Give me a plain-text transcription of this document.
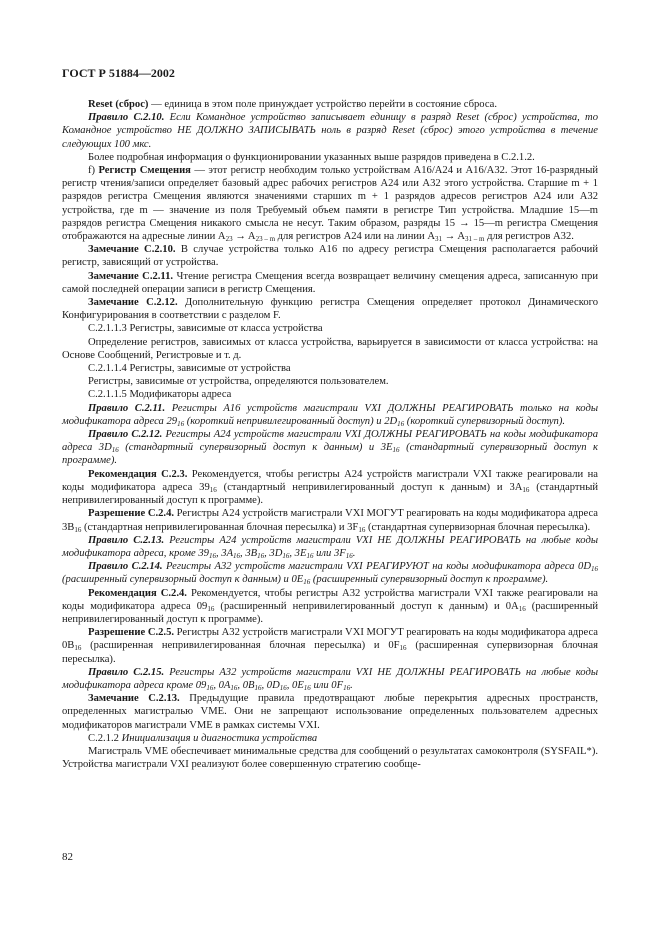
ГОСТ Р 51884—2002

Reset (сброс) — единица в этом поле принуждает устройство перейти в состояние сброса.

Правило С.2.10. Если Командное устройство записывает единицу в разряд Reset (сброс) устройства, то Командное устройство НЕ ДОЛЖНО ЗАПИСЫВАТЬ ноль в разряд Reset (сброс) этого устройства в течение следующих 100 мкс.

Более подробная информация о функционировании указанных выше разрядов приведена в С.2.1.2.

f) Регистр Смещения — этот регистр необходим только устройствам A16/A24 и A16/A32. Этот 16-разрядный регистр чтения/записи определяет базовый адрес рабочих регистров A24 или A32 этого устройства. Старшие m + 1 разрядов регистра Смещения являются значениями старших m + 1 разрядов адресов регистров A24 или A32 устройства, где m — значение из поля Требуемый объем памяти в регистре Тип устройства. Младшие 15—m разрядов регистра Смещения никакого смысла не несут. Таким образом, разряды 15 → 15—m регистра Смещения отображаются на адресные линии $A_{23} \to A_{23 - m}$ для регистров A24 или на линии $A_{31} \to A_{31 - m}$ для регистров A32.

Замечание С.2.10. В случае устройства только A16 по адресу регистра Смещения располагается рабочий регистр, зависящий от устройства.

Замечание С.2.11. Чтение регистра Смещения всегда возвращает величину смещения адреса, записанную при самой последней операции записи в регистр Смещения.

Замечание С.2.12. Дополнительную функцию регистра Смещения определяет протокол Динамического Конфигурирования в соответствии с разделом F.

С.2.1.1.3 Регистры, зависимые от класса устройства

Определение регистров, зависимых от класса устройства, варьируется в зависимости от класса устройства: на Основе Сообщений, Регистровые и т. д.

С.2.1.1.4 Регистры, зависимые от устройства

Регистры, зависимые от устройства, определяются пользователем.

С.2.1.1.5 Модификаторы адреса

Правило С.2.11. Регистры A16 устройств магистрали VXI ДОЛЖНЫ РЕАГИРОВАТЬ только на коды модификатора адреса $29_{16}$ (короткий непривилегированный доступ) и $2D_{16}$ (короткий супервизорный доступ).

Правило С.2.12. Регистры A24 устройств магистрали VXI ДОЛЖНЫ РЕАГИРОВАТЬ на коды модификатора адреса $3D_{16}$ (стандартный супервизорный доступ к данным) и $3E_{16}$ (стандартный супервизорный доступ к программе).

Рекомендация С.2.3. Рекомендуется, чтобы регистры A24 устройств магистрали VXI также реагировали на коды модификатора адреса $39_{16}$ (стандартный непривилегированный доступ к данным) и $3A_{16}$ (стандартный непривилегированный доступ к программе).

Разрешение С.2.4. Регистры A24 устройств магистрали VXI МОГУТ реагировать на коды модификатора адреса $3B_{16}$ (стандартная непривилегированная блочная пересылка) и $3F_{16}$ (стандартная супервизорная блочная пересылка).

Правило С.2.13. Регистры A24 устройств магистрали VXI НЕ ДОЛЖНЫ РЕАГИРОВАТЬ на любые коды модификатора адреса, кроме $39_{16}$, $3A_{16}$, $3B_{16}$, $3D_{16}$, $3E_{16}$ или $3F_{16}$.

Правило С.2.14. Регистры A32 устройств магистрали VXI РЕАГИРУЮТ на коды модификатора адреса $0D_{16}$ (расширенный супервизорный доступ к данным) и $0E_{16}$ (расширенный супервизорный доступ к программе).

Рекомендация С.2.4. Рекомендуется, чтобы регистры A32 устройства магистрали VXI также реагировали на коды модификатора адреса $09_{16}$ (расширенный непривилегированный доступ к данным) и $0A_{16}$ (расширенный непривилегированный доступ к программе).

Разрешение С.2.5. Регистры A32 устройств магистрали VXI МОГУТ реагировать на коды модификатора адреса $0B_{16}$ (расширенная непривилегированная блочная пересылка) и $0F_{16}$ (расширенная супервизорная блочная пересылка).

Правило С.2.15. Регистры A32 устройств магистрали VXI НЕ ДОЛЖНЫ РЕАГИРОВАТЬ на любые коды модификатора адреса кроме $09_{16}$, $0A_{16}$, $0B_{16}$, $0D_{16}$, $0E_{16}$ или $0F_{16}$.

Замечание С.2.13. Предыдущие правила предотвращают любые перекрытия адресных пространств, определенных магистралью VME. Они не запрещают использование определенных пользователем адресных модификаторов магистрали VME в рамках системы VXI.

С.2.1.2 Инициализация и диагностика устройства

Магистраль VME обеспечивает минимальные средства для сообщений о результатах самоконтроля (SYSFAIL*). Устройства магистрали VXI реализуют более совершенную стратегию сообще-

82
